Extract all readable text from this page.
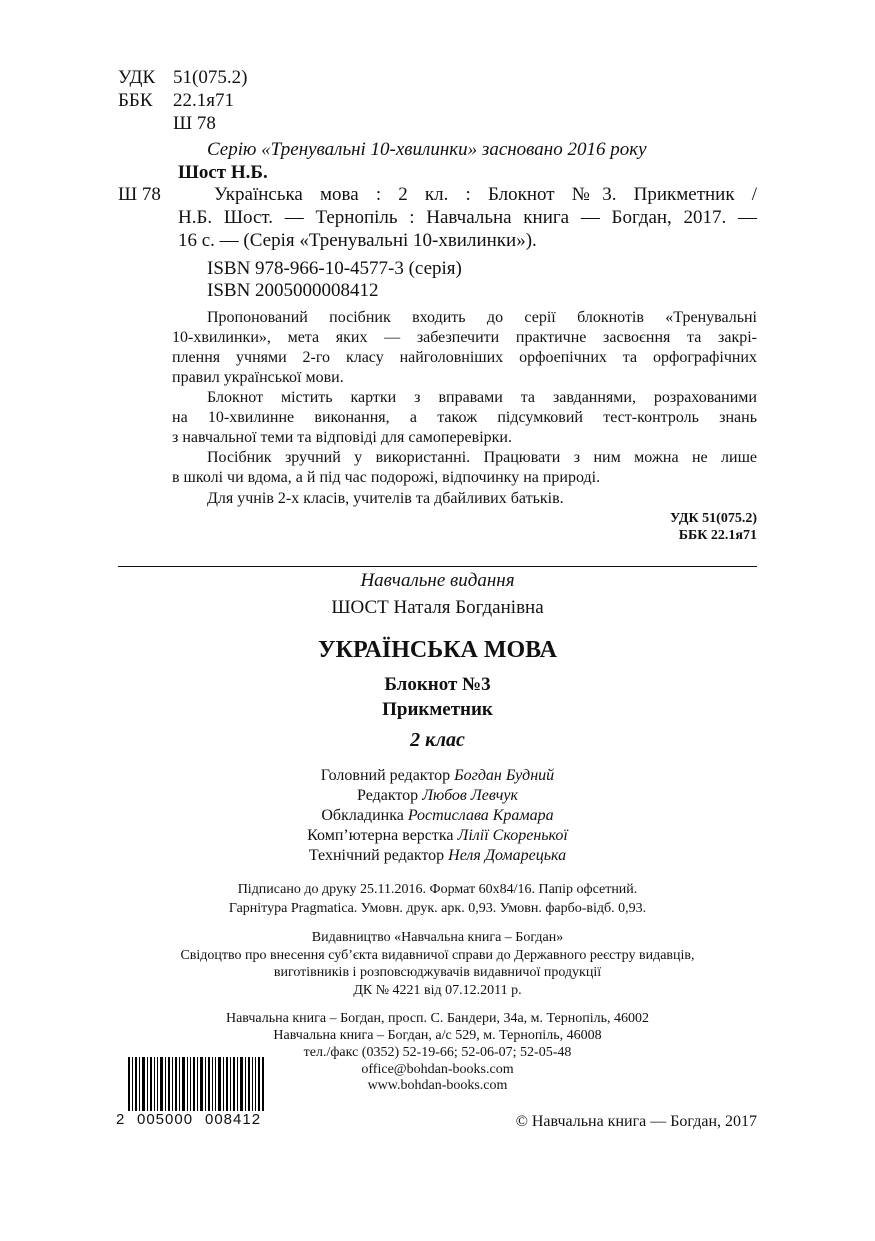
УДК 51(075.2)
ББК 22.1я71
Ш 78
Серію «Тренувальні 10-хвилинки» засновано 2016 року
Шост Н.Б.
Ш 78	Українська мова : 2 кл. : Блокнот №3. Прикметник /
Н.Б. Шост. — Тернопіль : Навчальна книга — Богдан, 2017. —
16 с. — (Серія «Тренувальні 10-хвилинки»).
ISBN 978-966-10-4577-3 (серія)
ISBN 2005000008412
Пропонований посібник входить до серії блокнотів «Тренувальні
10-хвилинки», мета яких — забезпечити практичне засвоєння та закрі-
плення учнями 2-го класу найголовніших орфоепічних та орфографічних
правил української мови.
Блокнот містить картки з вправами та завданнями, розрахованими
на 10-хвилинне виконання, а також підсумковий тест-контроль знань
з навчальної теми та відповіді для самоперевірки.
Посібник зручний у використанні. Працювати з ним можна не лише
в школі чи вдома, а й під час подорожі, відпочинку на природі.
Для учнів 2-х класів, учителів та дбайливих батьків.
УДК 51(075.2)
ББК 22.1я71
Навчальне видання
ШОСТ Наталя Богданівна
УКРАЇНСЬКА МОВА
Блокнот №3
Прикметник
2 клас
Головний редактор Богдан Будний
Редактор Любов Левчук
Обкладинка Ростислава Крамара
Комп’ютерна верстка Лілії Скоренької
Технічний редактор Неля Домарецька
Підписано до друку 25.11.2016. Формат 60х84/16. Папір офсетний.
Гарнітура Pragmatica. Умовн. друк. арк. 0,93. Умовн. фарбо-відб. 0,93.
Видавництво «Навчальна книга – Богдан»
Свідоцтво про внесення суб’єкта видавничої справи до Державного реєстру видавців,
виготівників і розповсюджувачів видавничої продукції
ДК № 4221 від 07.12.2011 р.
Навчальна книга – Богдан, просп. С. Бандери, 34а, м. Тернопіль, 46002
Навчальна книга – Богдан, а/с 529, м. Тернопіль, 46008
тел./факс (0352) 52-19-66; 52-06-07; 52-05-48
office@bohdan-books.com
www.bohdan-books.com
2 005000 008412	© Навчальна книга — Богдан, 2017
